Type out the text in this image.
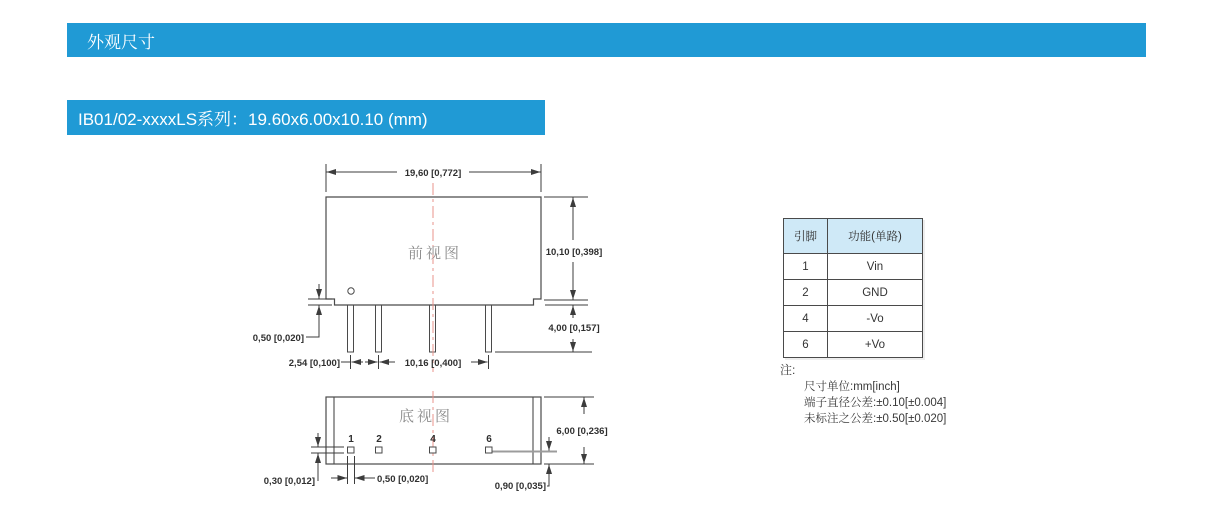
外观尺寸
IB01/02-xxxxLS系列：19.60x6.00x10.10 (mm)
19,60 [0,772]
前视图	10,10 [0,398]
4,00 [0,157]
0,50 [0,020]
2,54 [0,100]	10,16 [0,400]
底视图
1 2	4	6
6,00 [0,236]
0,90 [0,035]
0,30 [0,012]	0,50 [0,020]
引脚	功能(单路)
1	Vin
2	GND
4	-Vo
6	+Vo
注:
尺寸单位:mm[inch]
端子直径公差:±0.10[±0.004]
未标注之公差:±0.50[±0.020]
